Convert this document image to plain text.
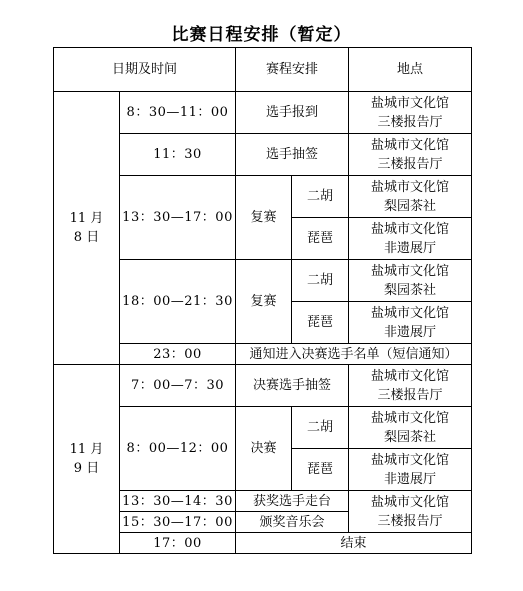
比赛日程安排（暂定）
日期及时间		赛程安排		地点

11 月
8 日	8：30—11：00	选手报到		盐城市文化馆
三楼报告厅

	11：30	选手抽签		盐城市文化馆
三楼报告厅

	13：30—17：00	复赛	二胡	盐城市文化馆
梨园茶社

			琵琶	盐城市文化馆
非遗展厅

	18：00—21：30	复赛	二胡	盐城市文化馆
梨园茶社

			琵琶	盐城市文化馆
非遗展厅

	23：00	通知进入决赛选手名单（短信通知）		

11 月
9 日	7：00—7：30	决赛选手抽签		盐城市文化馆
三楼报告厅

	8：00—12：00	决赛	二胡	盐城市文化馆
梨园茶社

			琵琶	盐城市文化馆
非遗展厅

	13：30—14：30	获奖选手走台		盐城市文化馆
三楼报告厅

	15：30—17：00	颁奖音乐会		
	17：00	结束		
